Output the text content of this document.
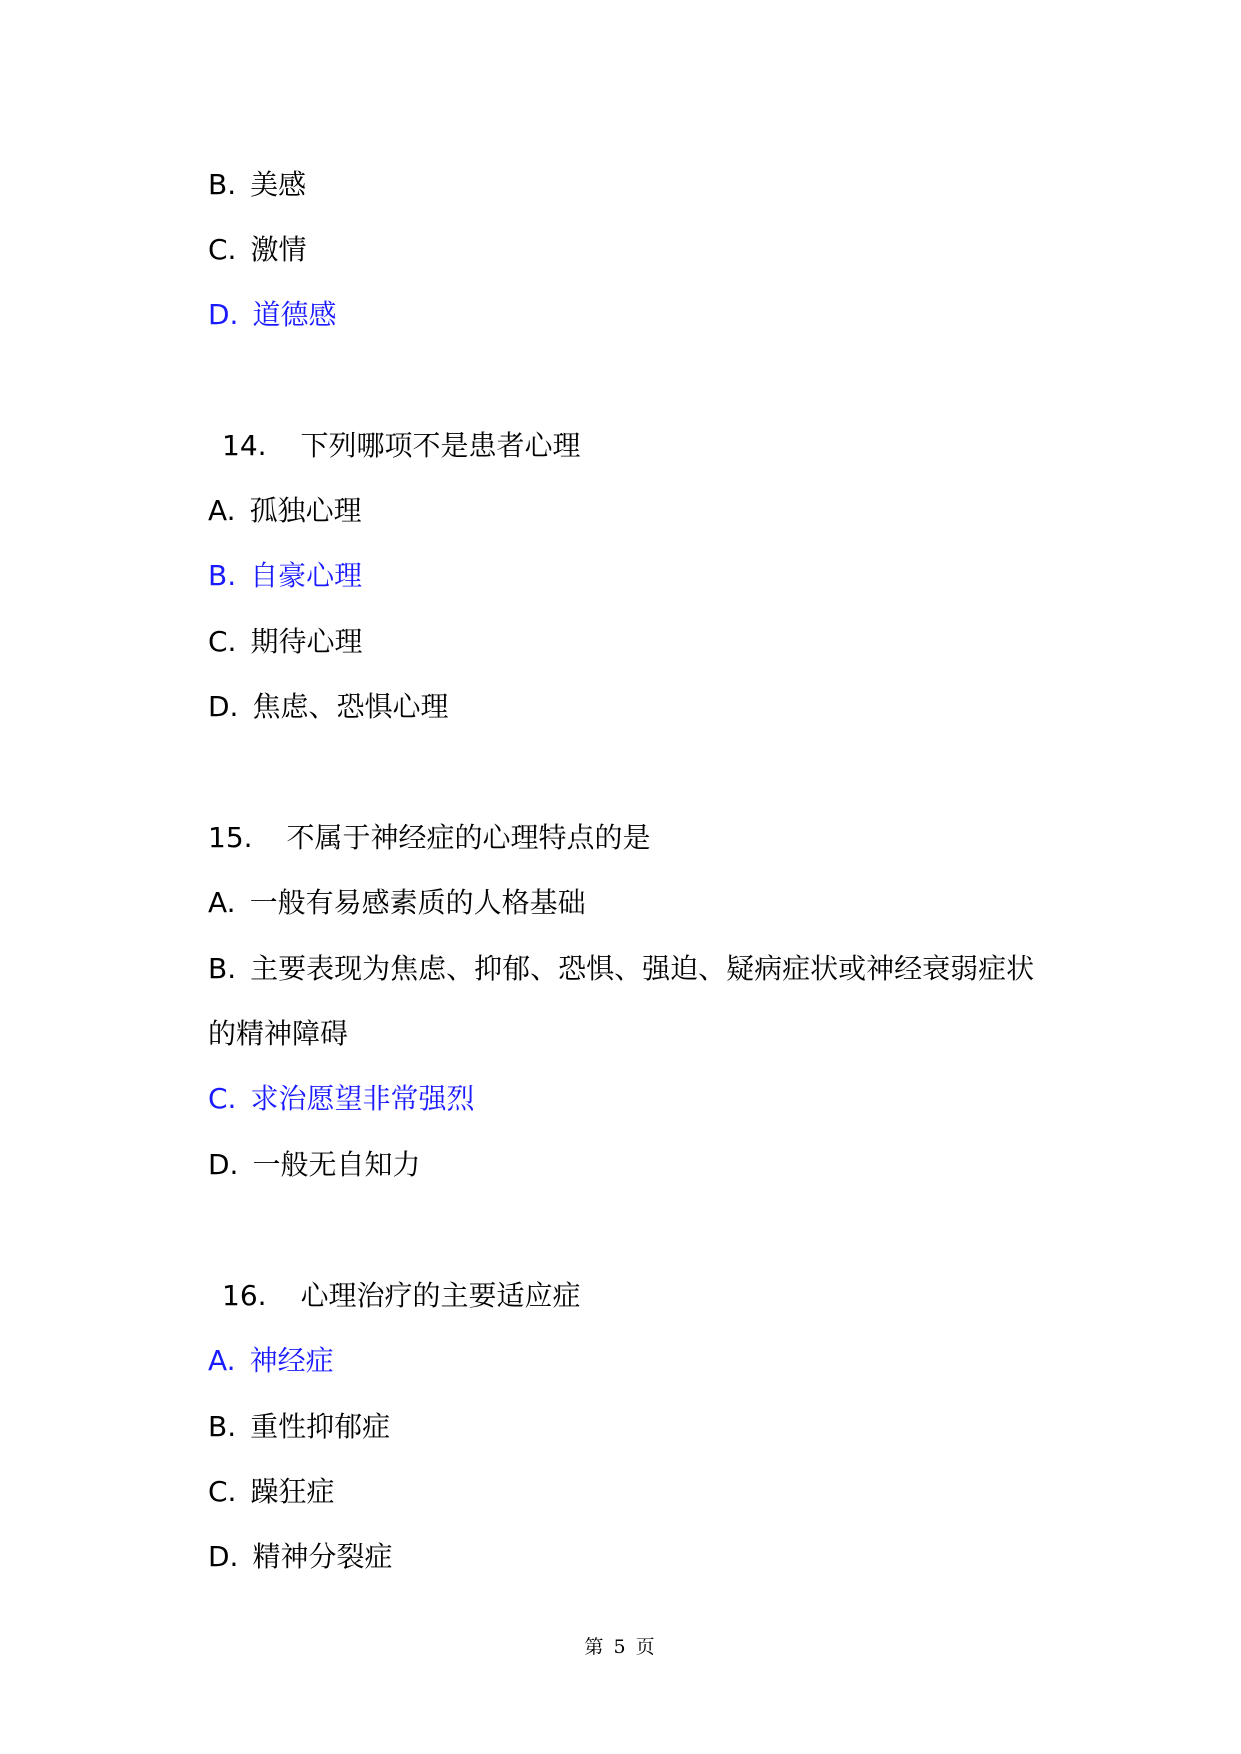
B. 美感
C. 激情
D. 道德感
14. 下列哪项不是患者心理
A. 孤独心理
B. 自豪心理
C. 期待心理
D. 焦虑、恐惧心理
15. 不属于神经症的心理特点的是
A. 一般有易感素质的人格基础
B. 主要表现为焦虑、抑郁、恐惧、强迫、疑病症状或神经衰弱症状
的精神障碍
C. 求治愿望非常强烈
D. 一般无自知力
16. 心理治疗的主要适应症
A. 神经症
B. 重性抑郁症
C. 躁狂症
D. 精神分裂症
第 5 页
